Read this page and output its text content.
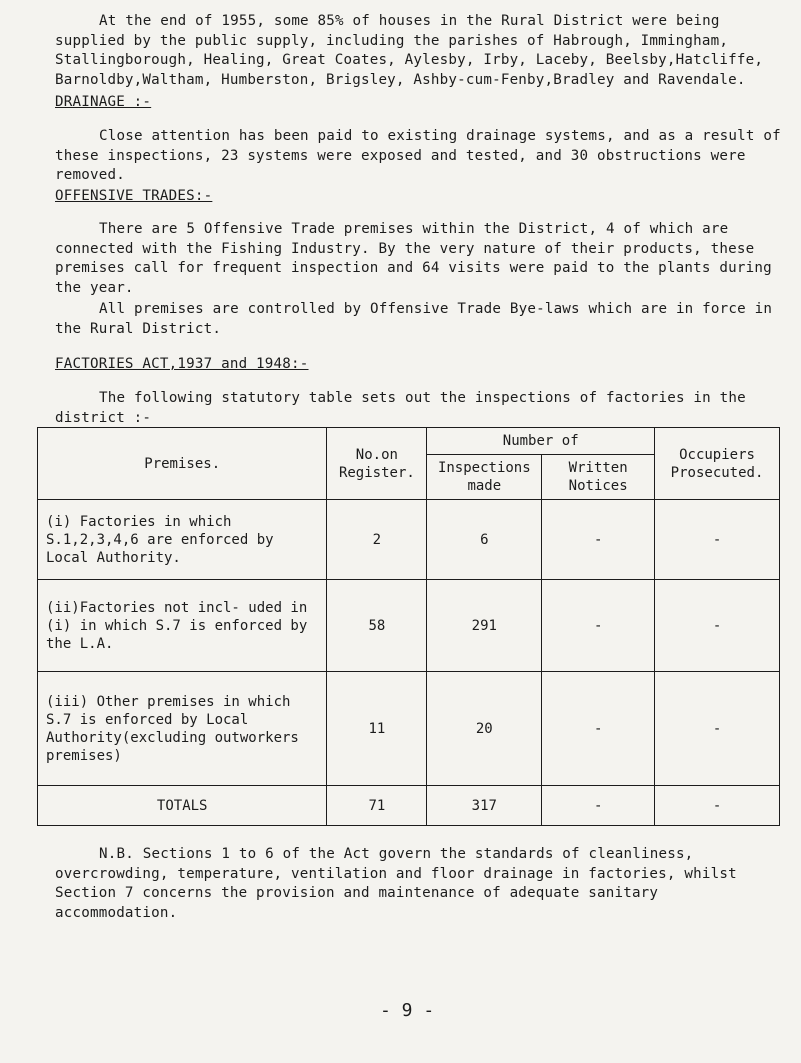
At the end of 1955, some 85% of houses in the Rural District were being supplied by the public supply, including the parishes of Habrough, Immingham, Stallingborough, Healing, Great Coates, Aylesby, Irby, Laceby, Beelsby,Hatcliffe, Barnoldby,Waltham, Humberston, Brigsley, Ashby-cum-Fenby,Bradley and Ravendale.
DRAINAGE :-
Close attention has been paid to existing drainage systems, and as a result of these inspections, 23 systems were exposed and tested, and 30 obstructions were removed.
OFFENSIVE TRADES:-
There are 5 Offensive Trade premises within the District, 4 of which are connected with the Fishing Industry. By the very nature of their products, these premises call for frequent inspection and 64 visits were paid to the plants during the year.
All premises are controlled by Offensive Trade Bye-laws which are in force in the Rural District.
FACTORIES ACT,1937 and 1948:-
The following statutory table sets out the inspections of factories in the district :-
Premises.	No.on Register.	Number of		Occupiers Prosecuted.
		Inspections made	Written Notices	
(i) Factories in which S.1,2,3,4,6 are enforced by Local Authority.	2	6	-	-
(ii)Factories not incl- uded in (i) in which S.7 is enforced by the L.A.	58	291	-	-
(iii) Other premises in which S.7 is enforced by Local Authority(excluding outworkers premises)	11	20	-	-
TOTALS	71	317	-	-
N.B. Sections 1 to 6 of the Act govern the standards of cleanliness, overcrowding, temperature, ventilation and floor drainage in factories, whilst Section 7 concerns the provision and maintenance of adequate sanitary accommodation.
- 9 -
